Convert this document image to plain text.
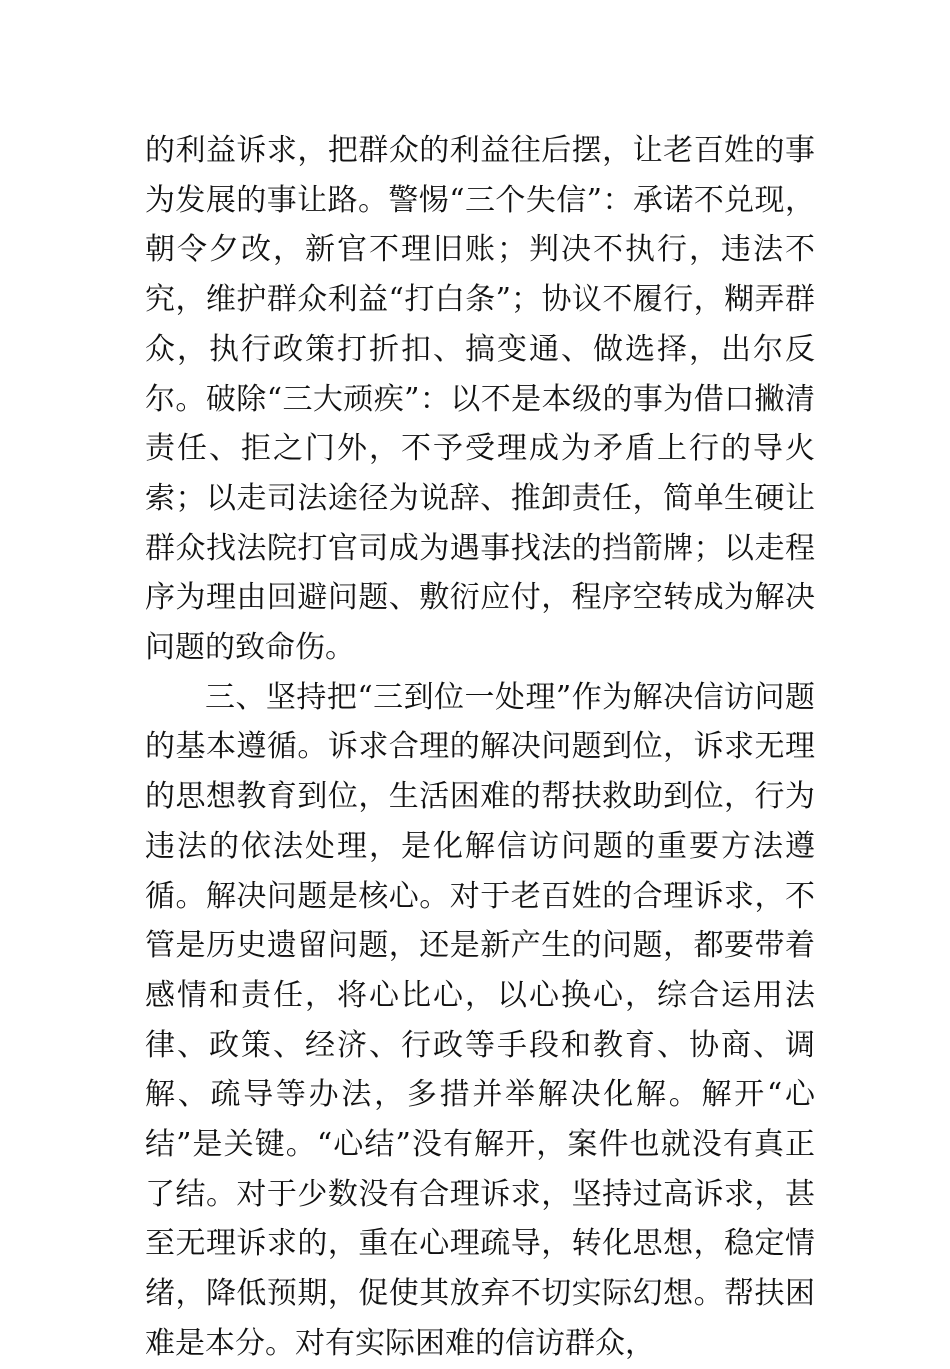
的利益诉求，把群众的利益往后摆，让老百姓的事为发展的事让路。警惕“三个失信”：承诺不兑现，朝令夕改，新官不理旧账；判决不执行，违法不究，维护群众利益“打白条”；协议不履行，糊弄群众，执行政策打折扣、搞变通、做选择，出尔反尔。破除“三大顽疾”：以不是本级的事为借口撇清责任、拒之门外，不予受理成为矛盾上行的导火索；以走司法途径为说辞、推卸责任，简单生硬让群众找法院打官司成为遇事找法的挡箭牌；以走程序为理由回避问题、敷衍应付，程序空转成为解决问题的致命伤。

三、坚持把“三到位一处理”作为解决信访问题的基本遵循。诉求合理的解决问题到位，诉求无理的思想教育到位，生活困难的帮扶救助到位，行为违法的依法处理，是化解信访问题的重要方法遵循。解决问题是核心。对于老百姓的合理诉求，不管是历史遗留问题，还是新产生的问题，都要带着感情和责任，将心比心，以心换心，综合运用法律、政策、经济、行政等手段和教育、协商、调解、疏导等办法，多措并举解决化解。解开“心结”是关键。“心结”没有解开，案件也就没有真正了结。对于少数没有合理诉求，坚持过高诉求，甚至无理诉求的，重在心理疏导，转化思想，稳定情绪，降低预期，促使其放弃不切实际幻想。帮扶困难是本分。对有实际困难的信访群众，
